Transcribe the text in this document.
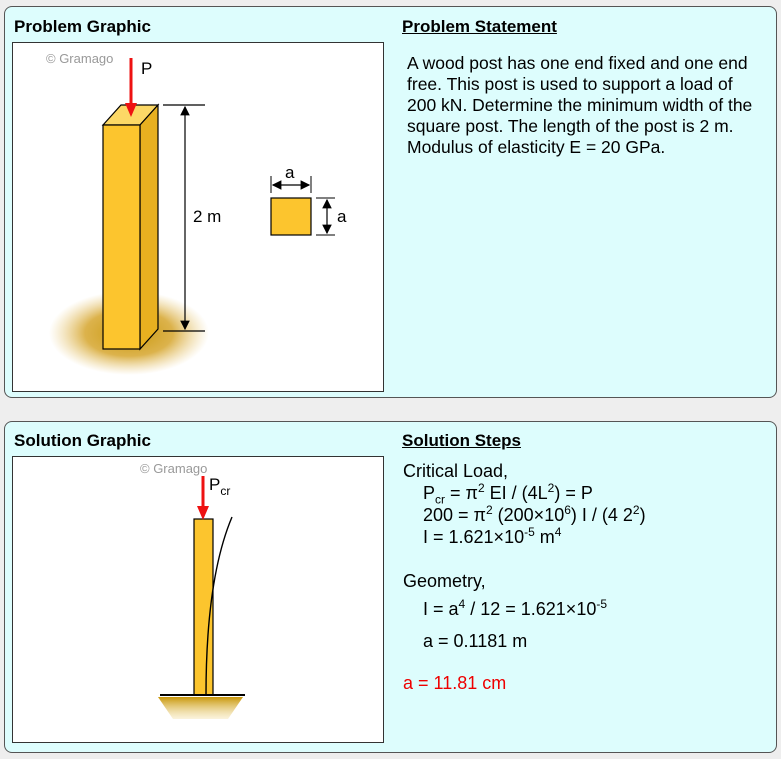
Problem Graphic	Problem Statement
© Gramago
P
2 m
a
a
A wood post has one end fixed and one end free. This post is used to support a load of 200 kN. Determine the minimum width of the square post. The length of the post is 2 m. Modulus of elasticity E = 20 GPa.
Solution Graphic	Solution Steps
© Gramago
$P_{cr}$
Critical Load,
$P_{cr} = \pi^2$ EI / $(4L^2) = P$
$200 = \pi^2$ $(200\times 10^6)$ I / (4 $2^2$)
$I = 1.621\times 10^{-5}$ $m^4$
Geometry,
$I = a^4 / 12 = 1.621\times 10^{-5}$
a = 0.1181 m
a = 11.81 cm
